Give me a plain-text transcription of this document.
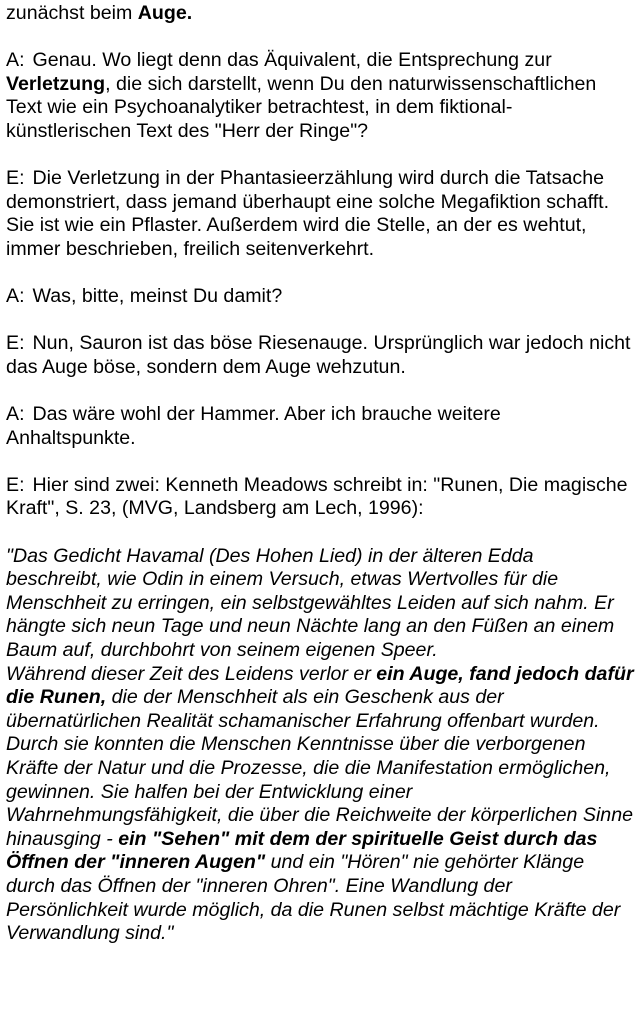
zunächst beim Auge.

A: Genau. Wo liegt denn das Äquivalent, die Entsprechung zur Verletzung, die sich darstellt, wenn Du den naturwissenschaftlichen Text wie ein Psychoanalytiker betrachtest, in dem fiktional-künstlerischen Text des "Herr der Ringe"?

E: Die Verletzung in der Phantasieerzählung wird durch die Tatsache demonstriert, dass jemand überhaupt eine solche Megafiktion schafft. Sie ist wie ein Pflaster. Außerdem wird die Stelle, an der es wehtut, immer beschrieben, freilich seitenverkehrt.

A: Was, bitte, meinst Du damit?

E: Nun, Sauron ist das böse Riesenauge. Ursprünglich war jedoch nicht das Auge böse, sondern dem Auge wehzutun.

A: Das wäre wohl der Hammer. Aber ich brauche weitere Anhaltspunkte.

E: Hier sind zwei: Kenneth Meadows schreibt in: "Runen, Die magische Kraft", S. 23, (MVG, Landsberg am Lech, 1996):

"Das Gedicht Havamal (Des Hohen Lied) in der älteren Edda beschreibt, wie Odin in einem Versuch, etwas Wertvolles für die Menschheit zu erringen, ein selbstgewähltes Leiden auf sich nahm. Er hängte sich neun Tage und neun Nächte lang an den Füßen an einem Baum auf, durchbohrt von seinem eigenen Speer.
Während dieser Zeit des Leidens verlor er ein Auge, fand jedoch dafür die Runen, die der Menschheit als ein Geschenk aus der übernatürlichen Realität schamanischer Erfahrung offenbart wurden. Durch sie konnten die Menschen Kenntnisse über die verborgenen Kräfte der Natur und die Prozesse, die die Manifestation ermöglichen, gewinnen. Sie halfen bei der Entwicklung einer Wahrnehmungsfähigkeit, die über die Reichweite der körperlichen Sinne hinausging - ein "Sehen" mit dem der spirituelle Geist durch das Öffnen der "inneren Augen" und ein "Hören" nie gehörter Klänge durch das Öffnen der "inneren Ohren". Eine Wandlung der Persönlichkeit wurde möglich, da die Runen selbst mächtige Kräfte der Verwandlung sind."
